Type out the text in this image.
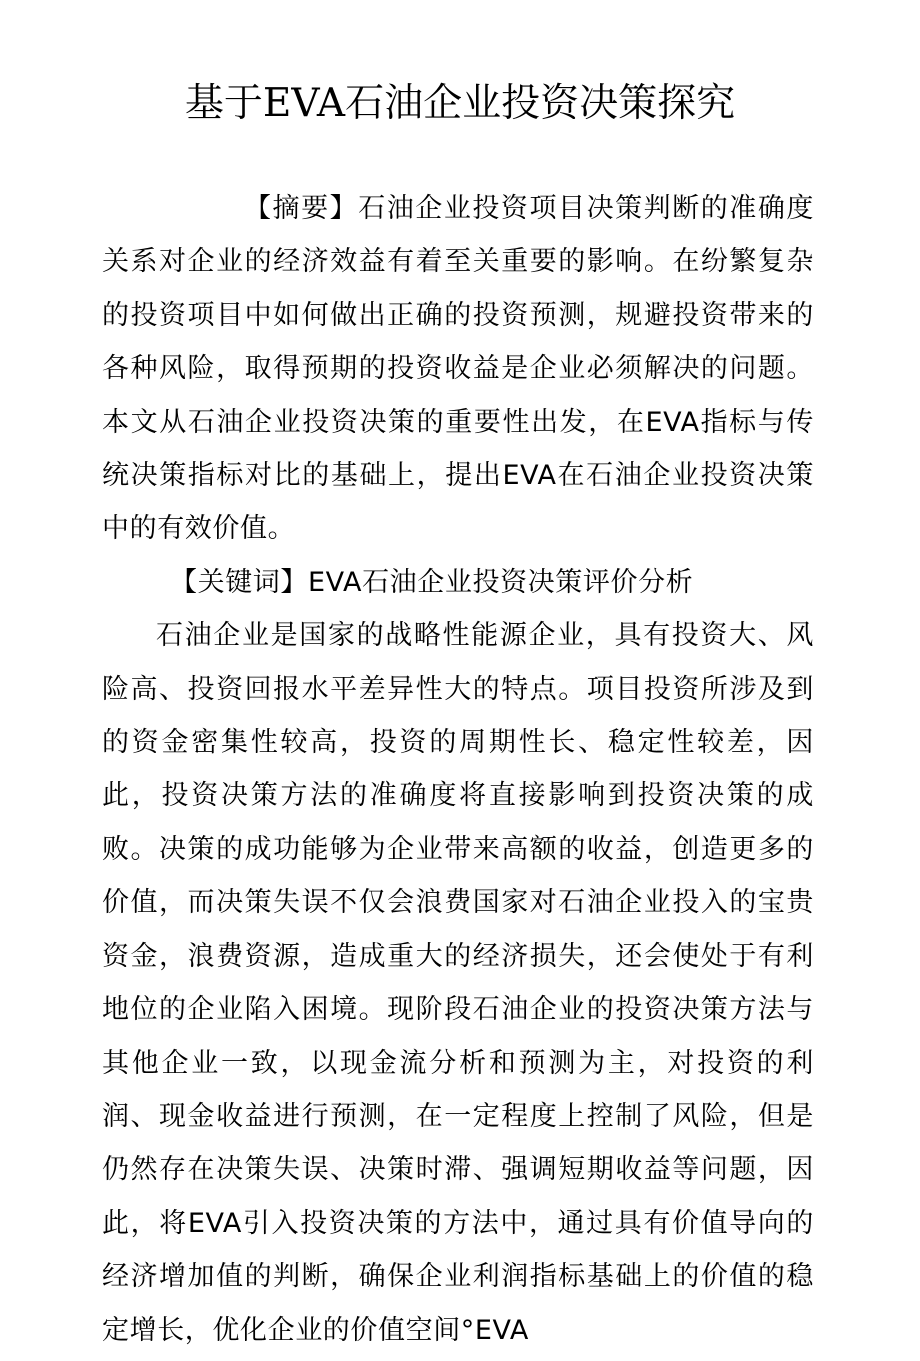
基于EVA石油企业投资决策探究

【摘要】石油企业投资项目决策判断的准确度关系对企业的经济效益有着至关重要的影响。在纷繁复杂的投资项目中如何做出正确的投资预测，规避投资带来的各种风险，取得预期的投资收益是企业必须解决的问题。本文从石油企业投资决策的重要性出发，在EVA指标与传统决策指标对比的基础上，提出EVA在石油企业投资决策中的有效价值。

【关键词】EVA石油企业投资决策评价分析

石油企业是国家的战略性能源企业，具有投资大、风险高、投资回报水平差异性大的特点。项目投资所涉及到的资金密集性较高，投资的周期性长、稳定性较差，因此，投资决策方法的准确度将直接影响到投资决策的成败。决策的成功能够为企业带来高额的收益，创造更多的价值，而决策失误不仅会浪费国家对石油企业投入的宝贵资金，浪费资源，造成重大的经济损失，还会使处于有利地位的企业陷入困境。现阶段石油企业的投资决策方法与其他企业一致，以现金流分析和预测为主，对投资的利润、现金收益进行预测，在一定程度上控制了风险，但是仍然存在决策失误、决策时滞、强调短期收益等问题，因此，将EVA引入投资决策的方法中，通过具有价值导向的经济增加值的判断，确保企业利润指标基础上的价值的稳定增长，优化企业的价值空间°EVA
